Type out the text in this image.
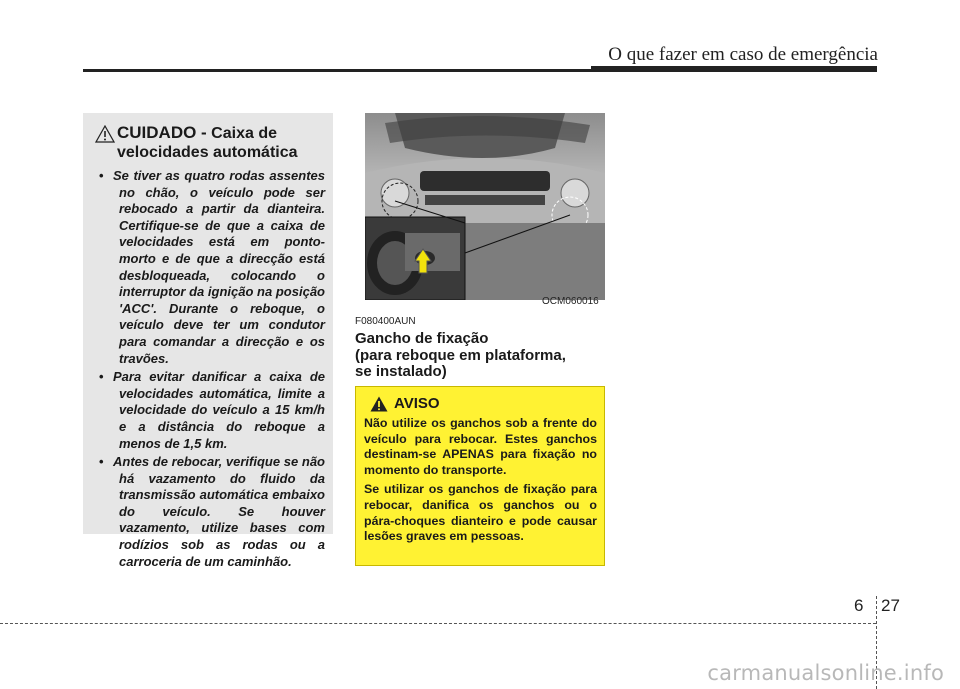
O que fazer em caso de emergência
CUIDADO - Caixa de
velocidades automática
• Se tiver as quatro rodas assentes no chão, o veículo pode ser rebocado a partir da dianteira. Certifique-se de que a caixa de velocidades está em ponto-morto e de que a direcção está desbloqueada, colocando o interruptor da ignição na posição 'ACC'. Durante o reboque, o veículo deve ter um condutor para comandar a direcção e os travões.
• Para evitar danificar a caixa de velocidades automática, limite a velocidade do veículo a 15 km/h e a distância do reboque a menos de 1,5 km.
• Antes de rebocar, verifique se não há vazamento do fluido da transmissão automática embaixo do veículo. Se houver vazamento, utilize bases com rodízios sob as rodas ou a carroceria de um caminhão.
OCM060016
F080400AUN
Gancho de fixação
(para reboque em plataforma,
se instalado)
AVISO

Não utilize os ganchos sob a frente do veículo para rebocar. Estes ganchos destinam-se APENAS para fixação no momento do transporte.

Se utilizar os ganchos de fixação para rebocar, danifica os ganchos ou o pára-choques dianteiro e pode causar lesões graves em pessoas.

6 27
carmanualsonline.info
